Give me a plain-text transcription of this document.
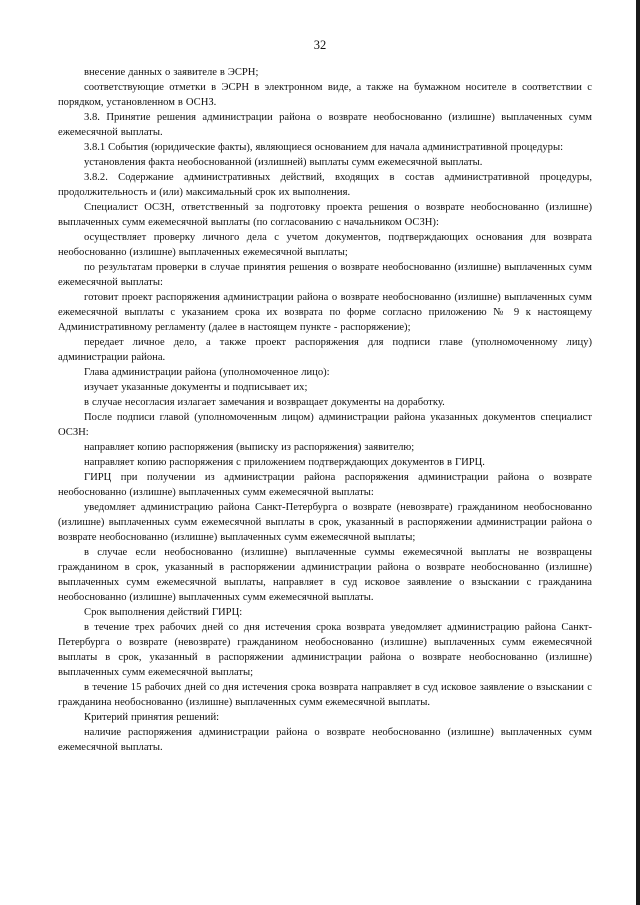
32

внесение данных о заявителе в ЭСРН;

соответствующие отметки в ЭСРН в электронном виде, а также на бумажном носителе в соответствии с порядком, установленном в ОСНЗ.

3.8. Принятие решения администрации района о возврате необоснованно (излишне) выплаченных сумм ежемесячной выплаты.

3.8.1 События (юридические факты), являющиеся основанием для начала административной процедуры:

установления факта необоснованной (излишней) выплаты сумм ежемесячной выплаты.

3.8.2. Содержание административных действий, входящих в состав административной процедуры, продолжительность и (или) максимальный срок их выполнения.

Специалист ОСЗН, ответственный за подготовку проекта решения о возврате необоснованно (излишне) выплаченных сумм ежемесячной выплаты (по согласованию с начальником ОСЗН):

осуществляет проверку личного дела с учетом документов, подтверждающих основания для возврата необоснованно (излишне) выплаченных ежемесячной выплаты;

по результатам проверки в случае принятия решения о возврате необоснованно (излишне) выплаченных сумм ежемесячной выплаты:

готовит проект распоряжения администрации района о возврате необоснованно (излишне) выплаченных сумм ежемесячной выплаты с указанием срока их возврата по форме согласно приложению № 9 к настоящему Административному регламенту (далее в настоящем пункте - распоряжение);

передает личное дело, а также проект распоряжения для подписи главе (уполномоченному лицу) администрации района.

Глава администрации района (уполномоченное лицо):

изучает указанные документы и подписывает их;

в случае несогласия излагает замечания и возвращает документы на доработку.

После подписи главой (уполномоченным лицом) администрации района указанных документов специалист ОСЗН:

направляет копию распоряжения (выписку из распоряжения) заявителю;

направляет копию распоряжения с приложением подтверждающих документов в ГИРЦ.

ГИРЦ при получении из администрации района распоряжения администрации района о возврате необоснованно (излишне) выплаченных сумм ежемесячной выплаты:

уведомляет администрацию района Санкт-Петербурга о возврате (невозврате) гражданином необоснованно (излишне) выплаченных сумм ежемесячной выплаты в срок, указанный в распоряжении администрации района о возврате необоснованно (излишне) выплаченных сумм ежемесячной выплаты;

в случае если необоснованно (излишне) выплаченные суммы ежемесячной выплаты не возвращены гражданином в срок, указанный в распоряжении администрации района о возврате необоснованно (излишне) выплаченных сумм ежемесячной выплаты, направляет в суд исковое заявление о взыскании с гражданина необоснованно (излишне) выплаченных сумм ежемесячной выплаты.

Срок выполнения действий ГИРЦ:

в течение трех рабочих дней со дня истечения срока возврата уведомляет администрацию района Санкт-Петербурга о возврате (невозврате) гражданином необоснованно (излишне) выплаченных сумм ежемесячной выплаты в срок, указанный в распоряжении администрации района о возврате необоснованно (излишне) выплаченных сумм ежемесячной выплаты;

в течение 15 рабочих дней со дня истечения срока возврата направляет в суд исковое заявление о взыскании с гражданина необоснованно (излишне) выплаченных сумм ежемесячной выплаты.

Критерий принятия решений:

наличие распоряжения администрации района о возврате необоснованно (излишне) выплаченных сумм ежемесячной выплаты.
